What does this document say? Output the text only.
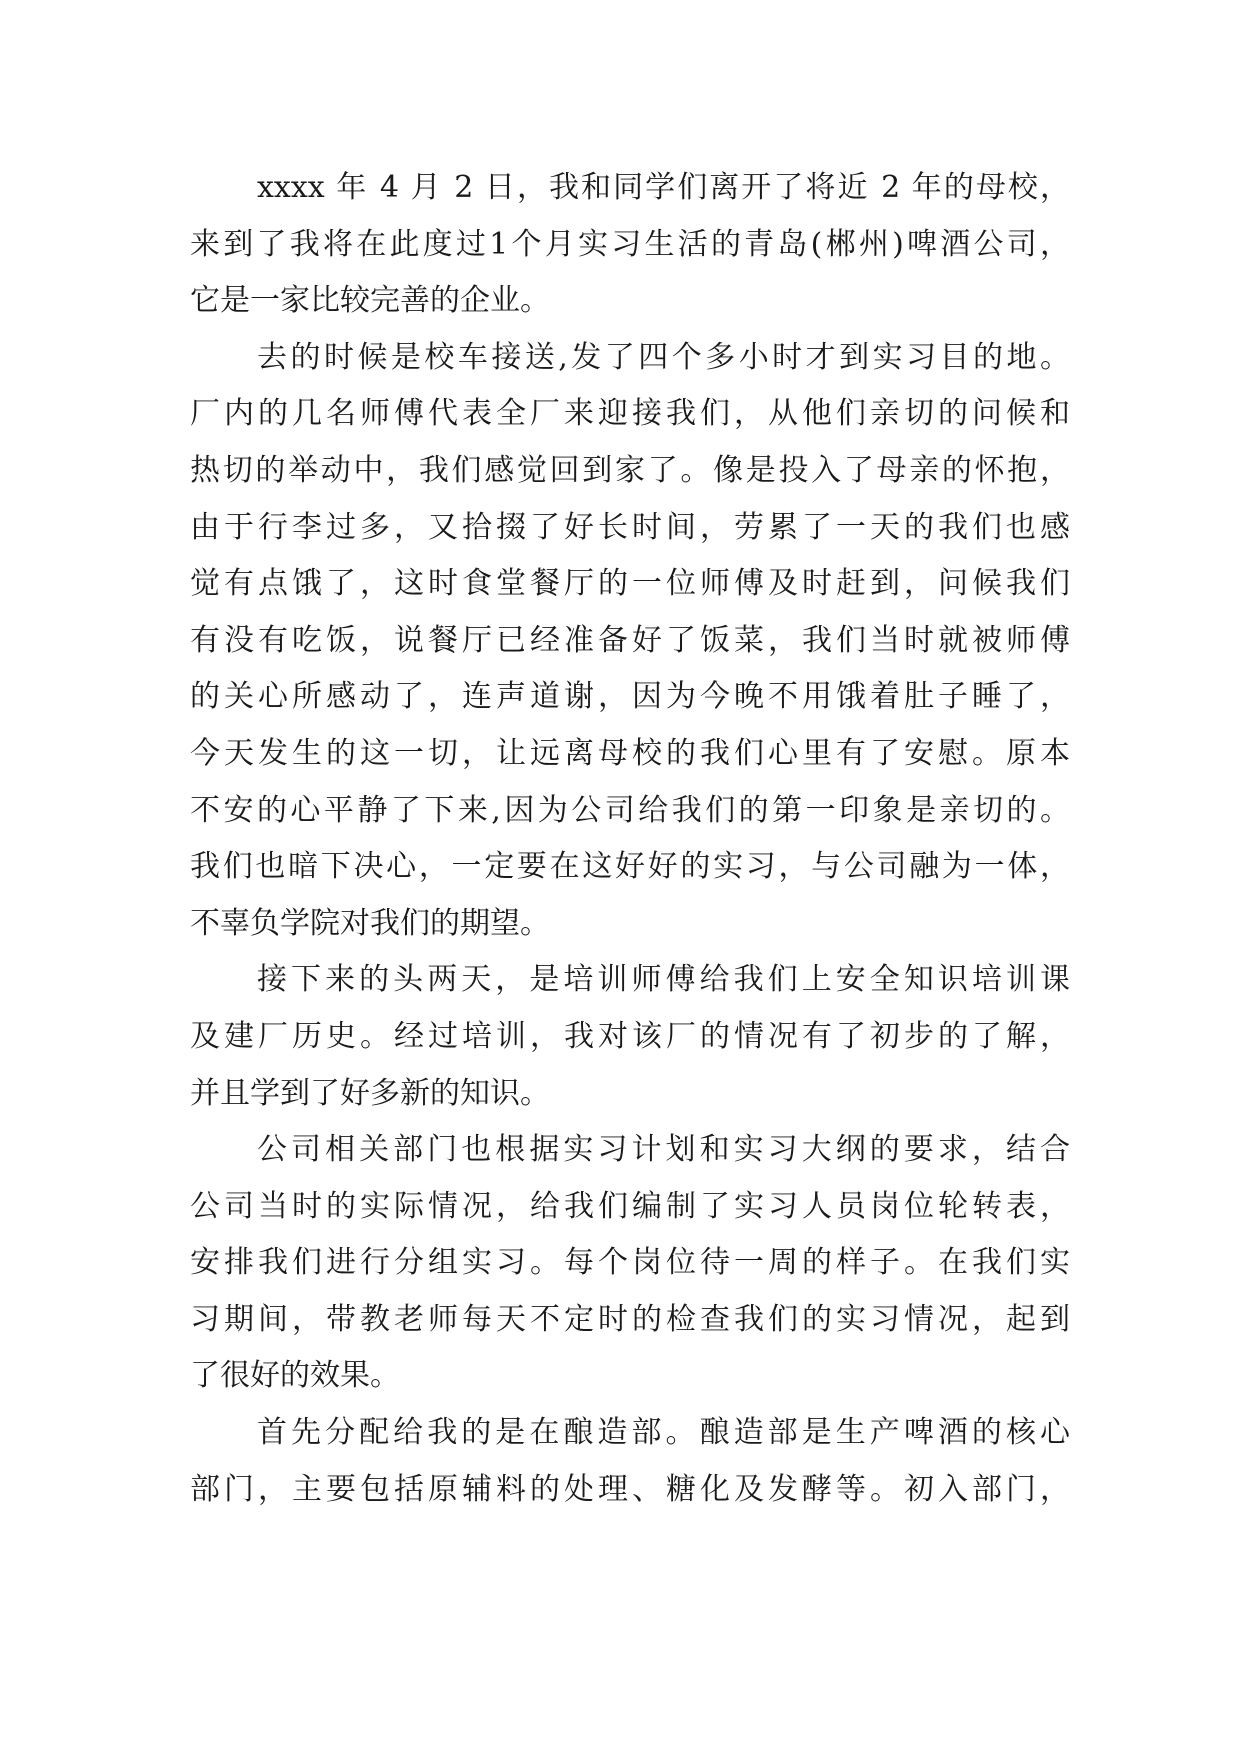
xxxx 年 4 月 2 日，我和同学们离开了将近 2 年的母校，
来到了我将在此度过1个月实习生活的青岛(郴州)啤酒公司，
它是一家比较完善的企业。
去的时候是校车接送,发了四个多小时才到实习目的地。
厂内的几名师傅代表全厂来迎接我们，从他们亲切的问候和
热切的举动中，我们感觉回到家了。像是投入了母亲的怀抱，
由于行李过多，又拾掇了好长时间，劳累了一天的我们也感
觉有点饿了，这时食堂餐厅的一位师傅及时赶到，问候我们
有没有吃饭，说餐厅已经准备好了饭菜，我们当时就被师傅
的关心所感动了，连声道谢，因为今晚不用饿着肚子睡了，
今天发生的这一切，让远离母校的我们心里有了安慰。原本
不安的心平静了下来,因为公司给我们的第一印象是亲切的。
我们也暗下决心，一定要在这好好的实习，与公司融为一体，
不辜负学院对我们的期望。
接下来的头两天，是培训师傅给我们上安全知识培训课
及建厂历史。经过培训，我对该厂的情况有了初步的了解，
并且学到了好多新的知识。
公司相关部门也根据实习计划和实习大纲的要求，结合
公司当时的实际情况，给我们编制了实习人员岗位轮转表，
安排我们进行分组实习。每个岗位待一周的样子。在我们实
习期间，带教老师每天不定时的检查我们的实习情况，起到
了很好的效果。
首先分配给我的是在酿造部。酿造部是生产啤酒的核心
部门，主要包括原辅料的处理、糖化及发酵等。初入部门，
